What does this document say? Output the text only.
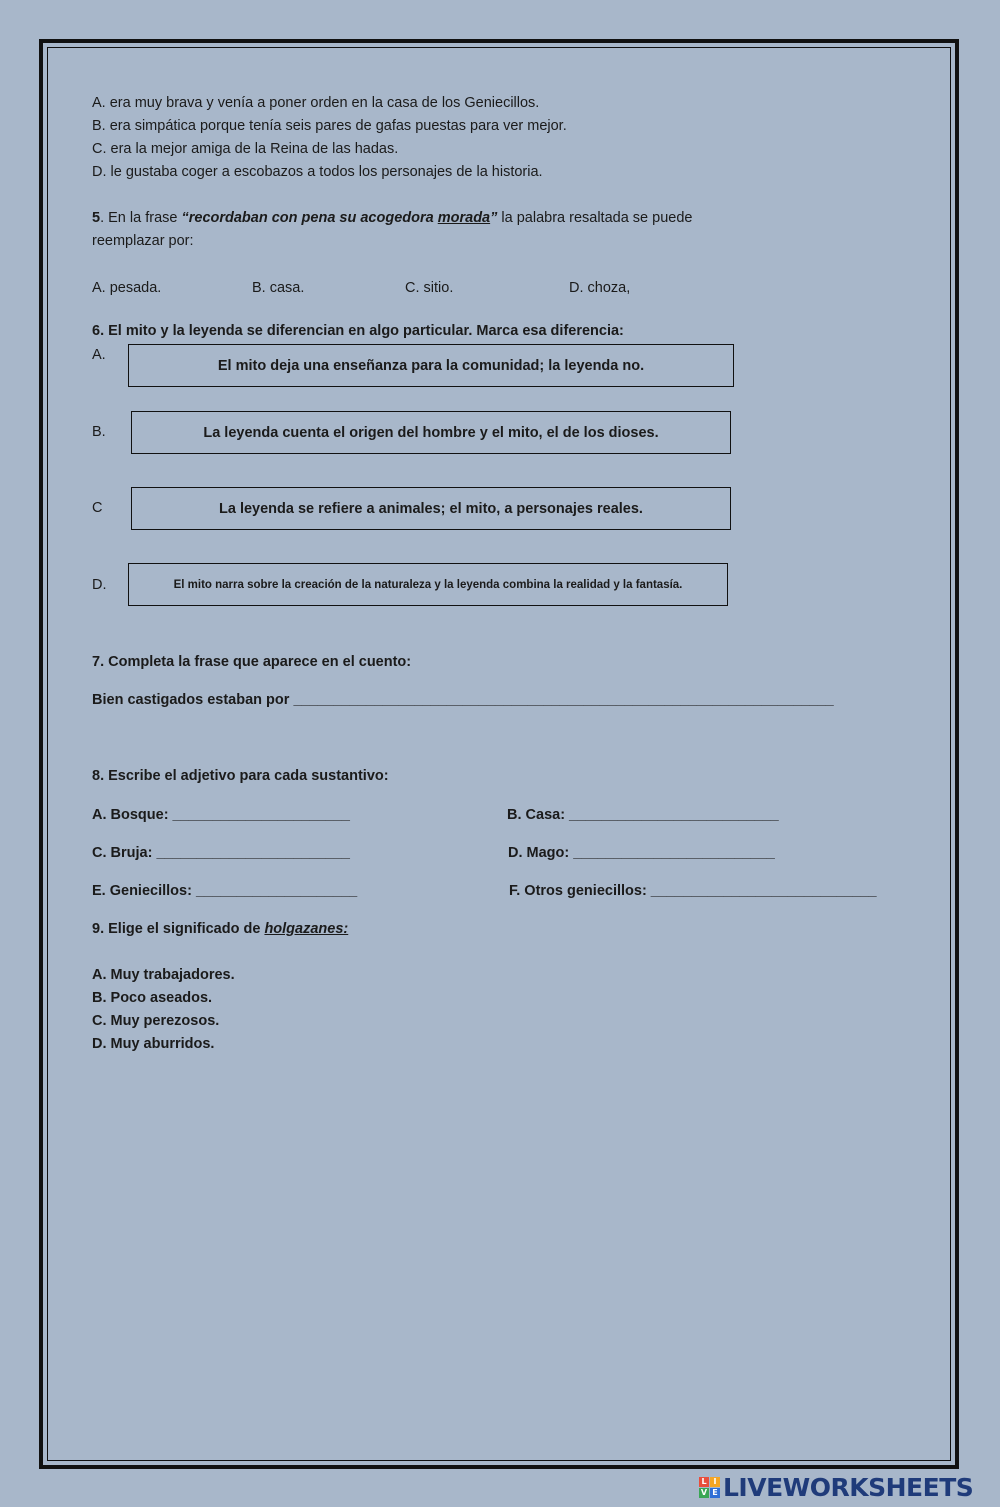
A. era muy brava y venía a poner orden en la casa de los Geniecillos.
B. era simpática porque tenía seis pares de gafas puestas para ver mejor.
C. era la mejor amiga de la Reina de las hadas.
D. le gustaba coger a escobazos a todos los personajes de la historia.
5. En la frase “recordaban con pena su acogedora morada” la palabra resaltada se puede
reemplazar por:
A. pesada.	B. casa.	C. sitio.	D. choza,
6. El mito y la leyenda se diferencian en algo particular. Marca esa diferencia:
A.
El mito deja una enseñanza para la comunidad; la leyenda no.
B.	La leyenda cuenta el origen del hombre y el mito, el de los dioses.
C	La leyenda se refiere a animales; el mito, a personajes reales.
D.	El mito narra sobre la creación de la naturaleza y la leyenda combina la realidad y la fantasía.
7. Completa la frase que aparece en el cuento:
Bien castigados estaban por ___________________________________________________________________
8. Escribe el adjetivo para cada sustantivo:
A. Bosque: ______________________	B. Casa: __________________________
C. Bruja: ________________________	D. Mago: _________________________
E. Geniecillos: ____________________	F. Otros geniecillos: ____________________________
9. Elige el significado de holgazanes:
A. Muy trabajadores.
B. Poco aseados.
C. Muy perezosos.
D. Muy aburridos.
L I
V E LIVEWORKSHEETS
